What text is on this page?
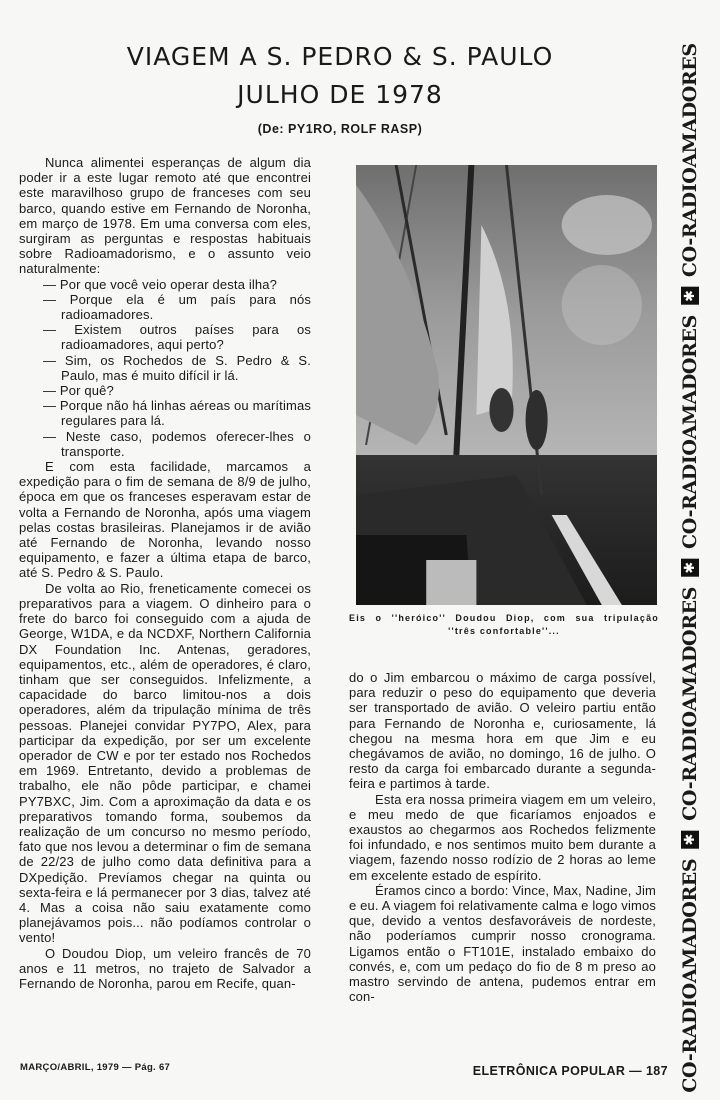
VIAGEM A S. PEDRO & S. PAULO
JULHO DE 1978
(De: PY1RO, ROLF RASP)

Nunca alimentei esperanças de algum dia poder ir a este lugar remoto até que encontrei este maravilhoso grupo de franceses com seu barco, quando estive em Fernando de Noronha, em março de 1978. Em uma conversa com eles, surgiram as perguntas e respostas habituais sobre Radioamadorismo, e o assunto veio naturalmente:

— Por que você veio operar desta ilha?
— Porque ela é um país para nós radioamadores.
— Existem outros países para os radioamadores, aqui perto?
— Sim, os Rochedos de S. Pedro & S. Paulo, mas é muito difícil ir lá.
— Por quê?
— Porque não há linhas aéreas ou marítimas regulares para lá.
— Neste caso, podemos oferecer-lhes o transporte.

E com esta facilidade, marcamos a expedição para o fim de semana de 8/9 de julho, época em que os franceses esperavam estar de volta a Fernando de Noronha, após uma viagem pelas costas brasileiras. Planejamos ir de avião até Fernando de Noronha, levando nosso equipamento, e fazer a última etapa de barco, até S. Pedro & S. Paulo.

De volta ao Rio, freneticamente comecei os preparativos para a viagem. O dinheiro para o frete do barco foi conseguido com a ajuda de George, W1DA, e da NCDXF, Northern California DX Foundation Inc. Antenas, geradores, equipamentos, etc., além de operadores, é claro, tinham que ser conseguidos. Infelizmente, a capacidade do barco limitou-nos a dois operadores, além da tripulação mínima de três pessoas. Planejei convidar PY7PO, Alex, para participar da expedição, por ser um excelente operador de CW e por ter estado nos Rochedos em 1969. Entretanto, devido a problemas de trabalho, ele não pôde participar, e chamei PY7BXC, Jim. Com a aproximação da data e os preparativos tomando forma, soubemos da realização de um concurso no mesmo período, fato que nos levou a determinar o fim de semana de 22/23 de julho como data definitiva para a DXpedição. Prevíamos chegar na quinta ou sexta-feira e lá permanecer por 3 dias, talvez até 4. Mas a coisa não saiu exatamente como planejávamos pois... não podíamos controlar o vento!

O Doudou Diop, um veleiro francês de 70 anos e 11 metros, no trajeto de Salvador a Fernando de Noronha, parou em Recife, quan-

Eis o ''heróico'' Doudou Diop, com sua tripulação
''três confortable''...

do o Jim embarcou o máximo de carga possível, para reduzir o peso do equipamento que deveria ser transportado de avião. O veleiro partiu então para Fernando de Noronha e, curiosamente, lá chegou na mesma hora em que Jim e eu chegávamos de avião, no domingo, 16 de julho. O resto da carga foi embarcado durante a segunda-feira e partimos à tarde.

Esta era nossa primeira viagem em um veleiro, e meu medo de que ficaríamos enjoados e exaustos ao chegarmos aos Rochedos felizmente foi infundado, e nos sentimos muito bem durante a viagem, fazendo nosso rodízio de 2 horas ao leme em excelente estado de espírito.

Éramos cinco a bordo: Vince, Max, Nadine, Jim e eu. A viagem foi relativamente calma e logo vimos que, devido a ventos desfavoráveis de nordeste, não poderíamos cumprir nosso cronograma. Ligamos então o FT101E, instalado embaixo do convés, e, com um pedaço do fio de 8 m preso ao mastro servindo de antena, pudemos entrar em con-

MARÇO/ABRIL, 1979 — Pág. 67	ELETRÔNICA POPULAR — 187 CO-RADIOAMADORES
✱
CO-RADIOAMADORES
✱
CO-RADIOAMADORES
✱
CO-RADIOAMADORES
